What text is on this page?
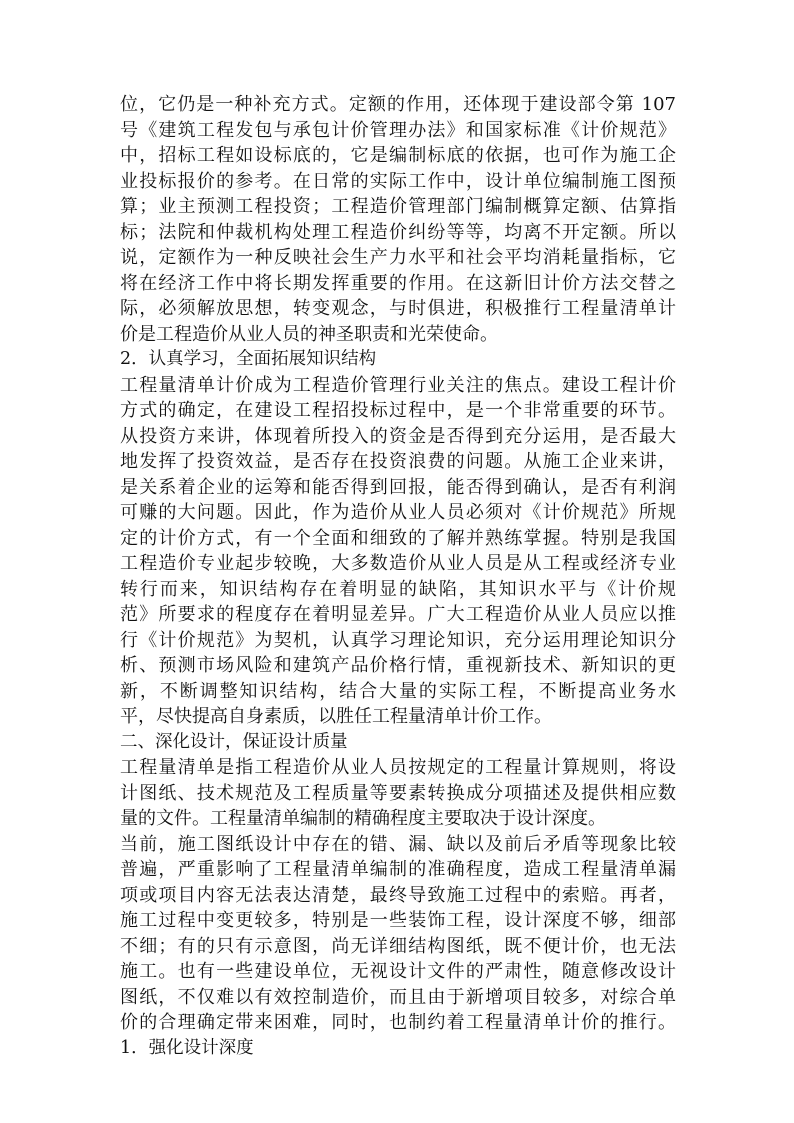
位，它仍是一种补充方式。定额的作用，还体现于建设部令第 107
号《建筑工程发包与承包计价管理办法》和国家标准《计价规范》
中，招标工程如设标底的，它是编制标底的依据，也可作为施工企
业投标报价的参考。在日常的实际工作中，设计单位编制施工图预
算；业主预测工程投资；工程造价管理部门编制概算定额、估算指
标；法院和仲裁机构处理工程造价纠纷等等，均离不开定额。所以
说，定额作为一种反映社会生产力水平和社会平均消耗量指标，它
将在经济工作中将长期发挥重要的作用。在这新旧计价方法交替之
际，必须解放思想，转变观念，与时俱进，积极推行工程量清单计
价是工程造价从业人员的神圣职责和光荣使命。
2．认真学习，全面拓展知识结构
工程量清单计价成为工程造价管理行业关注的焦点。建设工程计价
方式的确定，在建设工程招投标过程中，是一个非常重要的环节。
从投资方来讲，体现着所投入的资金是否得到充分运用，是否最大
地发挥了投资效益，是否存在投资浪费的问题。从施工企业来讲，
是关系着企业的运筹和能否得到回报，能否得到确认，是否有利润
可赚的大问题。因此，作为造价从业人员必须对《计价规范》所规
定的计价方式，有一个全面和细致的了解并熟练掌握。特别是我国
工程造价专业起步较晚，大多数造价从业人员是从工程或经济专业
转行而来，知识结构存在着明显的缺陷，其知识水平与《计价规
范》所要求的程度存在着明显差异。广大工程造价从业人员应以推
行《计价规范》为契机，认真学习理论知识，充分运用理论知识分
析、预测市场风险和建筑产品价格行情，重视新技术、新知识的更
新，不断调整知识结构，结合大量的实际工程，不断提高业务水
平，尽快提高自身素质，以胜任工程量清单计价工作。
二、深化设计，保证设计质量
工程量清单是指工程造价从业人员按规定的工程量计算规则，将设
计图纸、技术规范及工程质量等要素转换成分项描述及提供相应数
量的文件。工程量清单编制的精确程度主要取决于设计深度。
当前，施工图纸设计中存在的错、漏、缺以及前后矛盾等现象比较
普遍，严重影响了工程量清单编制的准确程度，造成工程量清单漏
项或项目内容无法表达清楚，最终导致施工过程中的索赔。再者，
施工过程中变更较多，特别是一些装饰工程，设计深度不够，细部
不细；有的只有示意图，尚无详细结构图纸，既不便计价，也无法
施工。也有一些建设单位，无视设计文件的严肃性，随意修改设计
图纸，不仅难以有效控制造价，而且由于新增项目较多，对综合单
价的合理确定带来困难，同时，也制约着工程量清单计价的推行。
1．强化设计深度
